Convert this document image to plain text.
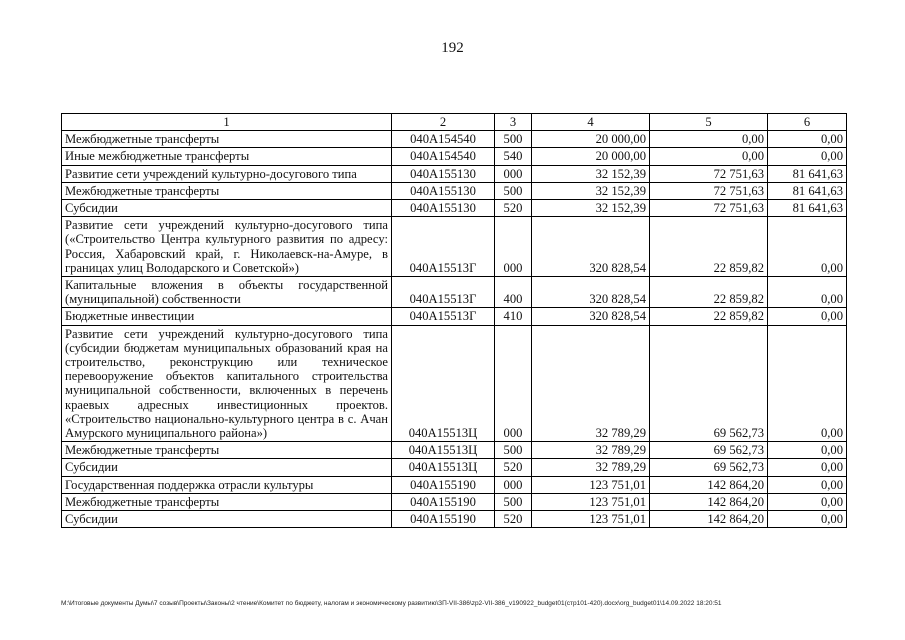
192
1	2	3	4	5	6
Межбюджетные трансферты	040А154540	500	20 000,00	0,00	0,00
Иные межбюджетные трансферты	040А154540	540	20 000,00	0,00	0,00
Развитие сети учреждений культурно-досугового типа	040А155130	000	32 152,39	72 751,63	81 641,63
Межбюджетные трансферты	040А155130	500	32 152,39	72 751,63	81 641,63
Субсидии	040А155130	520	32 152,39	72 751,63	81 641,63
Развитие сети учреждений культурно-досугового типа («Строительство Центра культурного развития по адресу: Россия, Хабаровский край, г. Николаевск-на-Амуре, в границах улиц Володарского и Советской»)	040А15513Г	000	320 828,54	22 859,82	0,00
Капитальные вложения в объекты государственной (муниципальной) собственности	040А15513Г	400	320 828,54	22 859,82	0,00
Бюджетные инвестиции	040А15513Г	410	320 828,54	22 859,82	0,00
Развитие сети учреждений культурно-досугового типа (субсидии бюджетам муниципальных образований края на строительство, реконструкцию или техническое перевооружение объектов капитального строительства муниципальной собственности, включенных в перечень краевых адресных инвестиционных проектов. «Строительство национально-культурного центра в с. Ачан Амурского муниципального района»)	040А15513Ц	000	32 789,29	69 562,73	0,00
Межбюджетные трансферты	040А15513Ц	500	32 789,29	69 562,73	0,00
Субсидии	040А15513Ц	520	32 789,29	69 562,73	0,00
Государственная поддержка отрасли культуры	040А155190	000	123 751,01	142 864,20	0,00
Межбюджетные трансферты	040А155190	500	123 751,01	142 864,20	0,00
Субсидии	040А155190	520	123 751,01	142 864,20	0,00
M:\Итоговые документы Думы\7 созыв\Проекты\Законы\2 чтение\Комитет по бюджету, налогам и экономическому развитию\ЗП-VII-386\zp2-VII-386_v190922_budget01(стр101-420).docx\org_budget01\14.09.2022 18:20:51
